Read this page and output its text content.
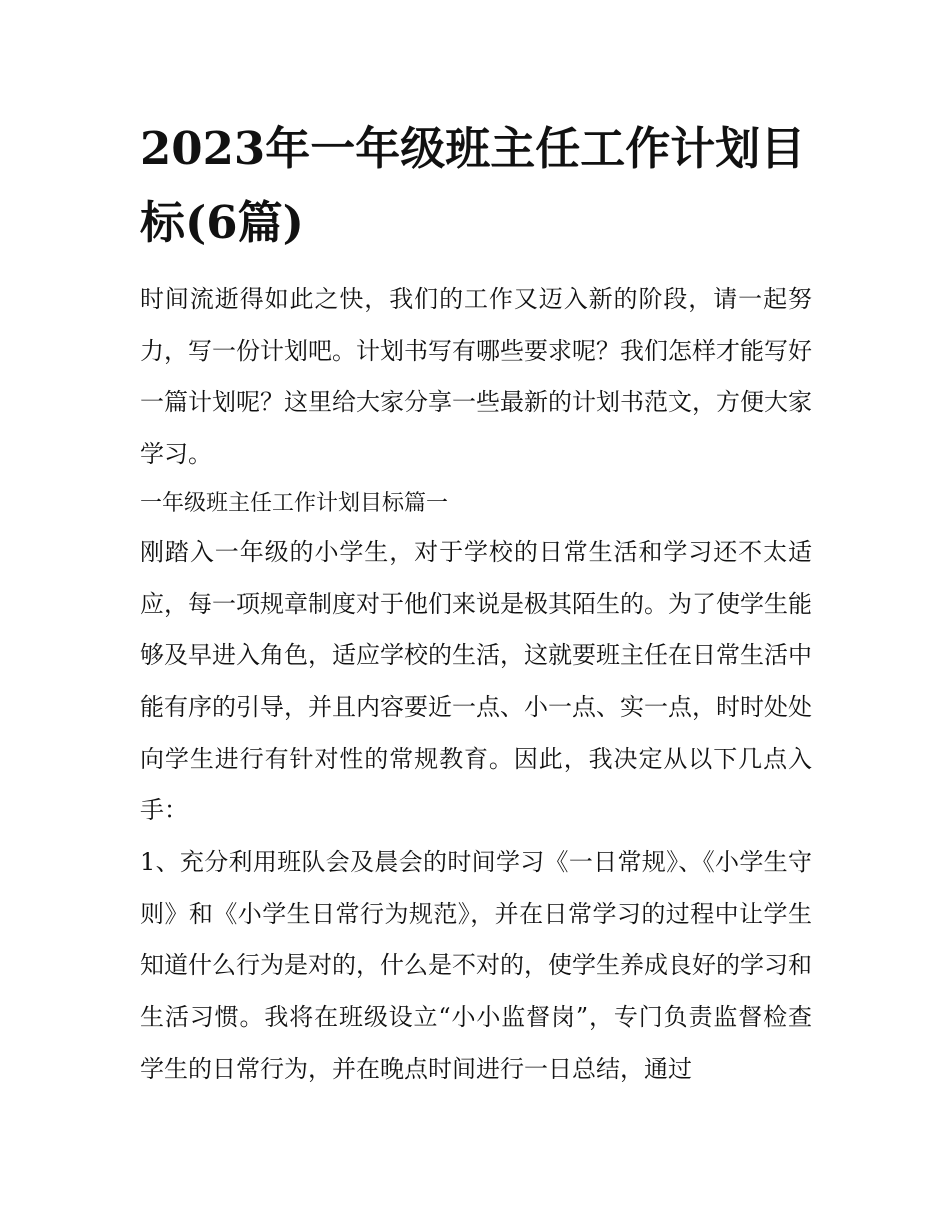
2023年一年级班主任工作计划目标(6篇)

时间流逝得如此之快，我们的工作又迈入新的阶段，请一起努力，写一份计划吧。计划书写有哪些要求呢？我们怎样才能写好一篇计划呢？这里给大家分享一些最新的计划书范文，方便大家学习。

一年级班主任工作计划目标篇一

刚踏入一年级的小学生，对于学校的日常生活和学习还不太适应，每一项规章制度对于他们来说是极其陌生的。为了使学生能够及早进入角色，适应学校的生活，这就要班主任在日常生活中能有序的引导，并且内容要近一点、小一点、实一点，时时处处向学生进行有针对性的常规教育。因此，我决定从以下几点入手：

1、充分利用班队会及晨会的时间学习《一日常规》、《小学生守则》和《小学生日常行为规范》，并在日常学习的过程中让学生知道什么行为是对的，什么是不对的，使学生养成良好的学习和生活习惯。我将在班级设立“小小监督岗”，专门负责监督检查学生的日常行为，并在晚点时间进行一日总结，通过
